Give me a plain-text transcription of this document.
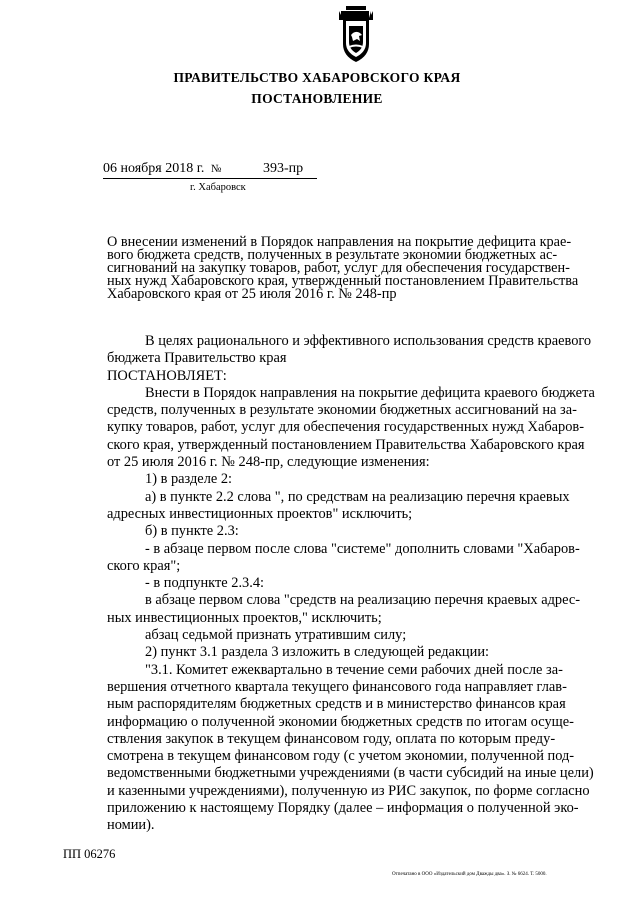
ПРАВИТЕЛЬСТВО ХАБАРОВСКОГО КРАЯ
ПОСТАНОВЛЕНИЕ
06 ноября 2018 г. №	393-пр
г. Хабаровск
О внесении изменений в Порядок направления на покрытие дефицита крае-
вого бюджета средств, полученных в результате экономии бюджетных ас-
сигнований на закупку товаров, работ, услуг для обеспечения государствен-
ных нужд Хабаровского края, утвержденный постановлением Правительства
Хабаровского края от 25 июля 2016 г. № 248-пр
В целях рационального и эффективного использования средств краевого
бюджета Правительство края
ПОСТАНОВЛЯЕТ:
Внести в Порядок направления на покрытие дефицита краевого бюджета
средств, полученных в результате экономии бюджетных ассигнований на за-
купку товаров, работ, услуг для обеспечения государственных нужд Хабаров-
ского края, утвержденный постановлением Правительства Хабаровского края
от 25 июля 2016 г. № 248-пр, следующие изменения:
1) в разделе 2:
а) в пункте 2.2 слова ", по средствам на реализацию перечня краевых
адресных инвестиционных проектов" исключить;
б) в пункте 2.3:
- в абзаце первом после слова "системе" дополнить словами "Хабаров-
ского края";
- в подпункте 2.3.4:
в абзаце первом слова "средств на реализацию перечня краевых адрес-
ных инвестиционных проектов," исключить;
абзац седьмой признать утратившим силу;
2) пункт 3.1 раздела 3 изложить в следующей редакции:
"3.1. Комитет ежеквартально в течение семи рабочих дней после за-
вершения отчетного квартала текущего финансового года направляет глав-
ным распорядителям бюджетных средств и в министерство финансов края
информацию о полученной экономии бюджетных средств по итогам осуще-
ствления закупок в текущем финансовом году, оплата по которым преду-
смотрена в текущем финансовом году (с учетом экономии, полученной под-
ведомственными бюджетными учреждениями (в части субсидий на иные цели)
и казенными учреждениями), полученную из РИС закупок, по форме согласно
приложению к настоящему Порядку (далее – информация о полученной эко-
номии).
ПП 06276
Отпечатано в ООО «Издательский дом Дважды два». З. № 6624. Т. 5000.
